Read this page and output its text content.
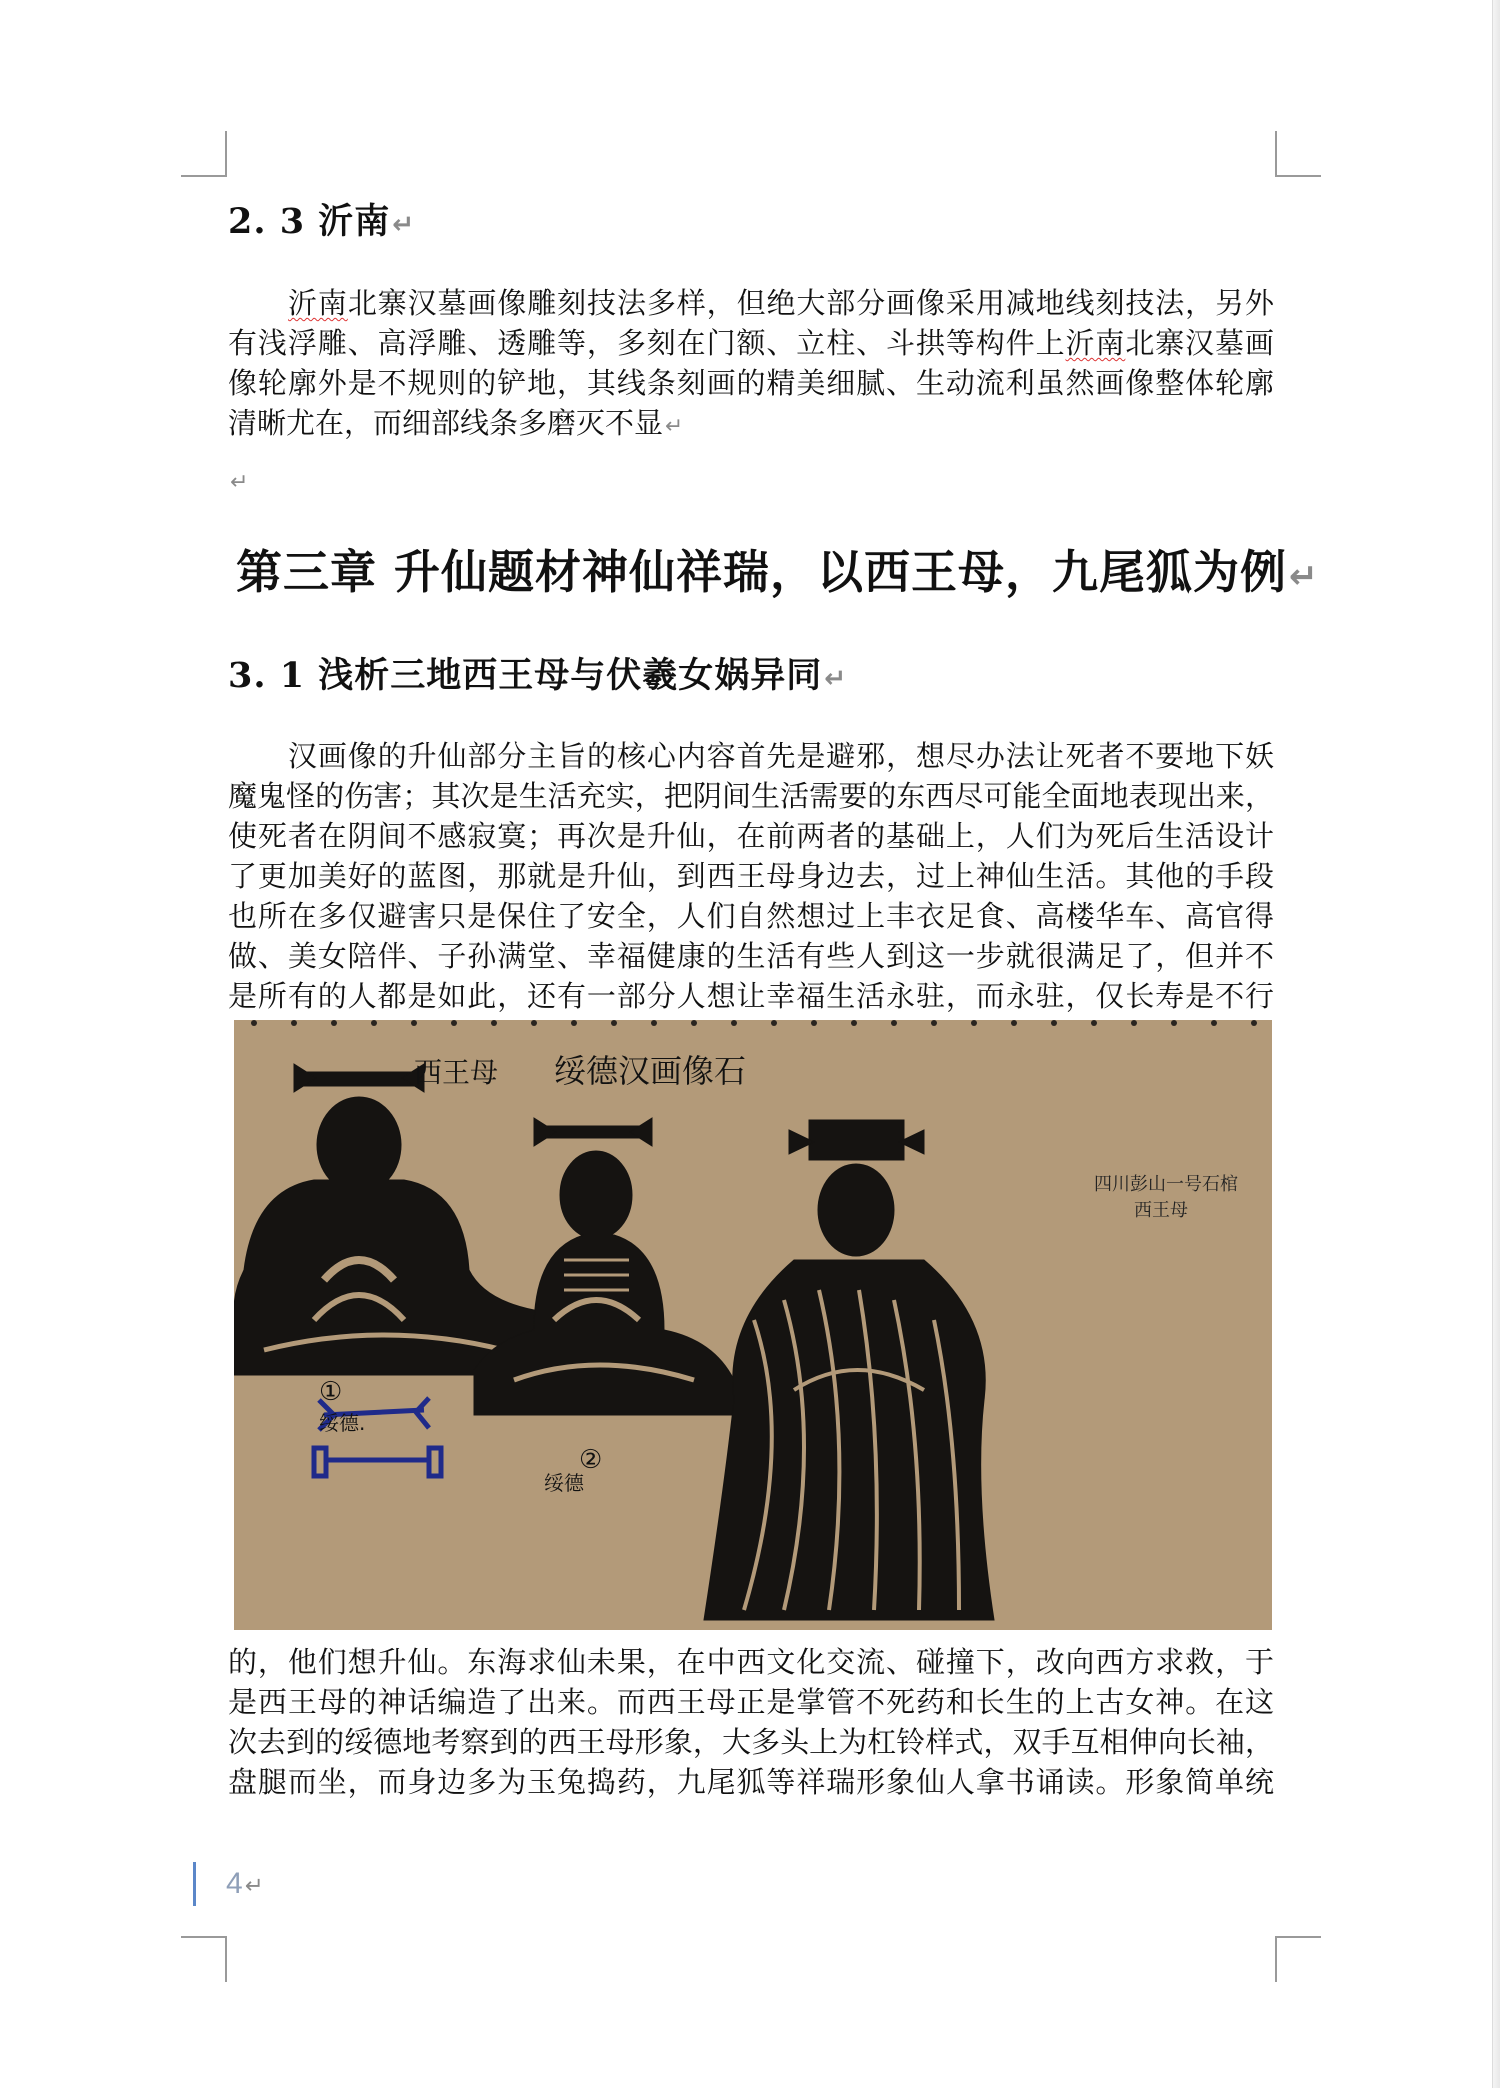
2. 3 沂南↵
沂南北寨汉墓画像雕刻技法多样，但绝大部分画像采用减地线刻技法，另外
有浅浮雕、高浮雕、透雕等，多刻在门额、立柱、斗拱等构件上沂南北寨汉墓画
像轮廓外是不规则的铲地，其线条刻画的精美细腻、生动流利虽然画像整体轮廓
清晰尤在，而细部线条多磨灭不显↵
↵
第三章 升仙题材神仙祥瑞，以西王母，九尾狐为例↵
3. 1 浅析三地西王母与伏羲女娲异同↵
汉画像的升仙部分主旨的核心内容首先是避邪，想尽办法让死者不要地下妖
魔鬼怪的伤害；其次是生活充实，把阴间生活需要的东西尽可能全面地表现出来，
使死者在阴间不感寂寞；再次是升仙，在前两者的基础上，人们为死后生活设计
了更加美好的蓝图，那就是升仙，到西王母身边去，过上神仙生活。其他的手段
也所在多仅避害只是保住了安全，人们自然想过上丰衣足食、高楼华车、高官得
做、美女陪伴、子孙满堂、幸福健康的生活有些人到这一步就很满足了，但并不
是所有的人都是如此，还有一部分人想让幸福生活永驻，而永驻，仅长寿是不行
西王母 绥德汉画像石
①
绥德.
②
绥德
四川彭山一号石棺
西王母
的，他们想升仙。东海求仙未果，在中西文化交流、碰撞下，改向西方求救，于
是西王母的神话编造了出来。而西王母正是掌管不死药和长生的上古女神。在这
次去到的绥德地考察到的西王母形象，大多头上为杠铃样式，双手互相伸向长袖，
盘腿而坐，而身边多为玉兔捣药，九尾狐等祥瑞形象仙人拿书诵读。形象简单统
4↵
